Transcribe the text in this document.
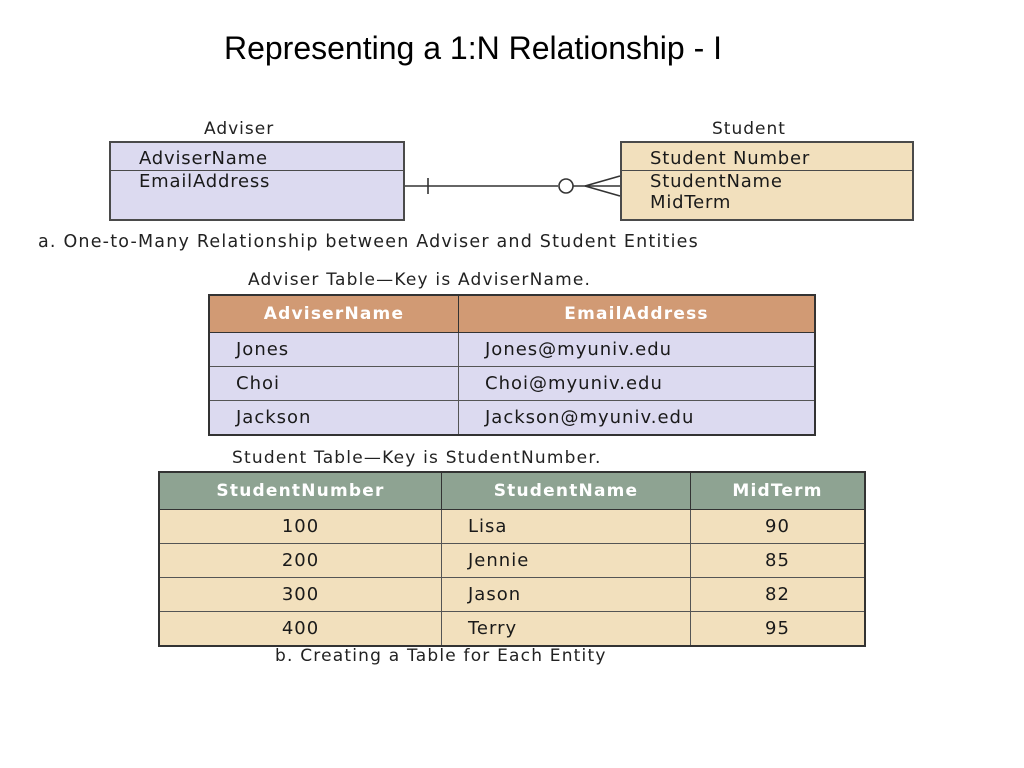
Representing a 1:N Relationship - I
Adviser
AdviserName
EmailAddress
Student
Student Number
StudentName
MidTerm
a. One-to-Many Relationship between Adviser and Student Entities
Adviser Table—Key is AdviserName.
AdviserName	EmailAddress
Jones	Jones@myuniv.edu
Choi	Choi@myuniv.edu
Jackson	Jackson@myuniv.edu
Student Table—Key is StudentNumber.
StudentNumber	StudentName	MidTerm
100	Lisa	90
200	Jennie	85
300	Jason	82
400	Terry	95
b. Creating a Table for Each Entity
